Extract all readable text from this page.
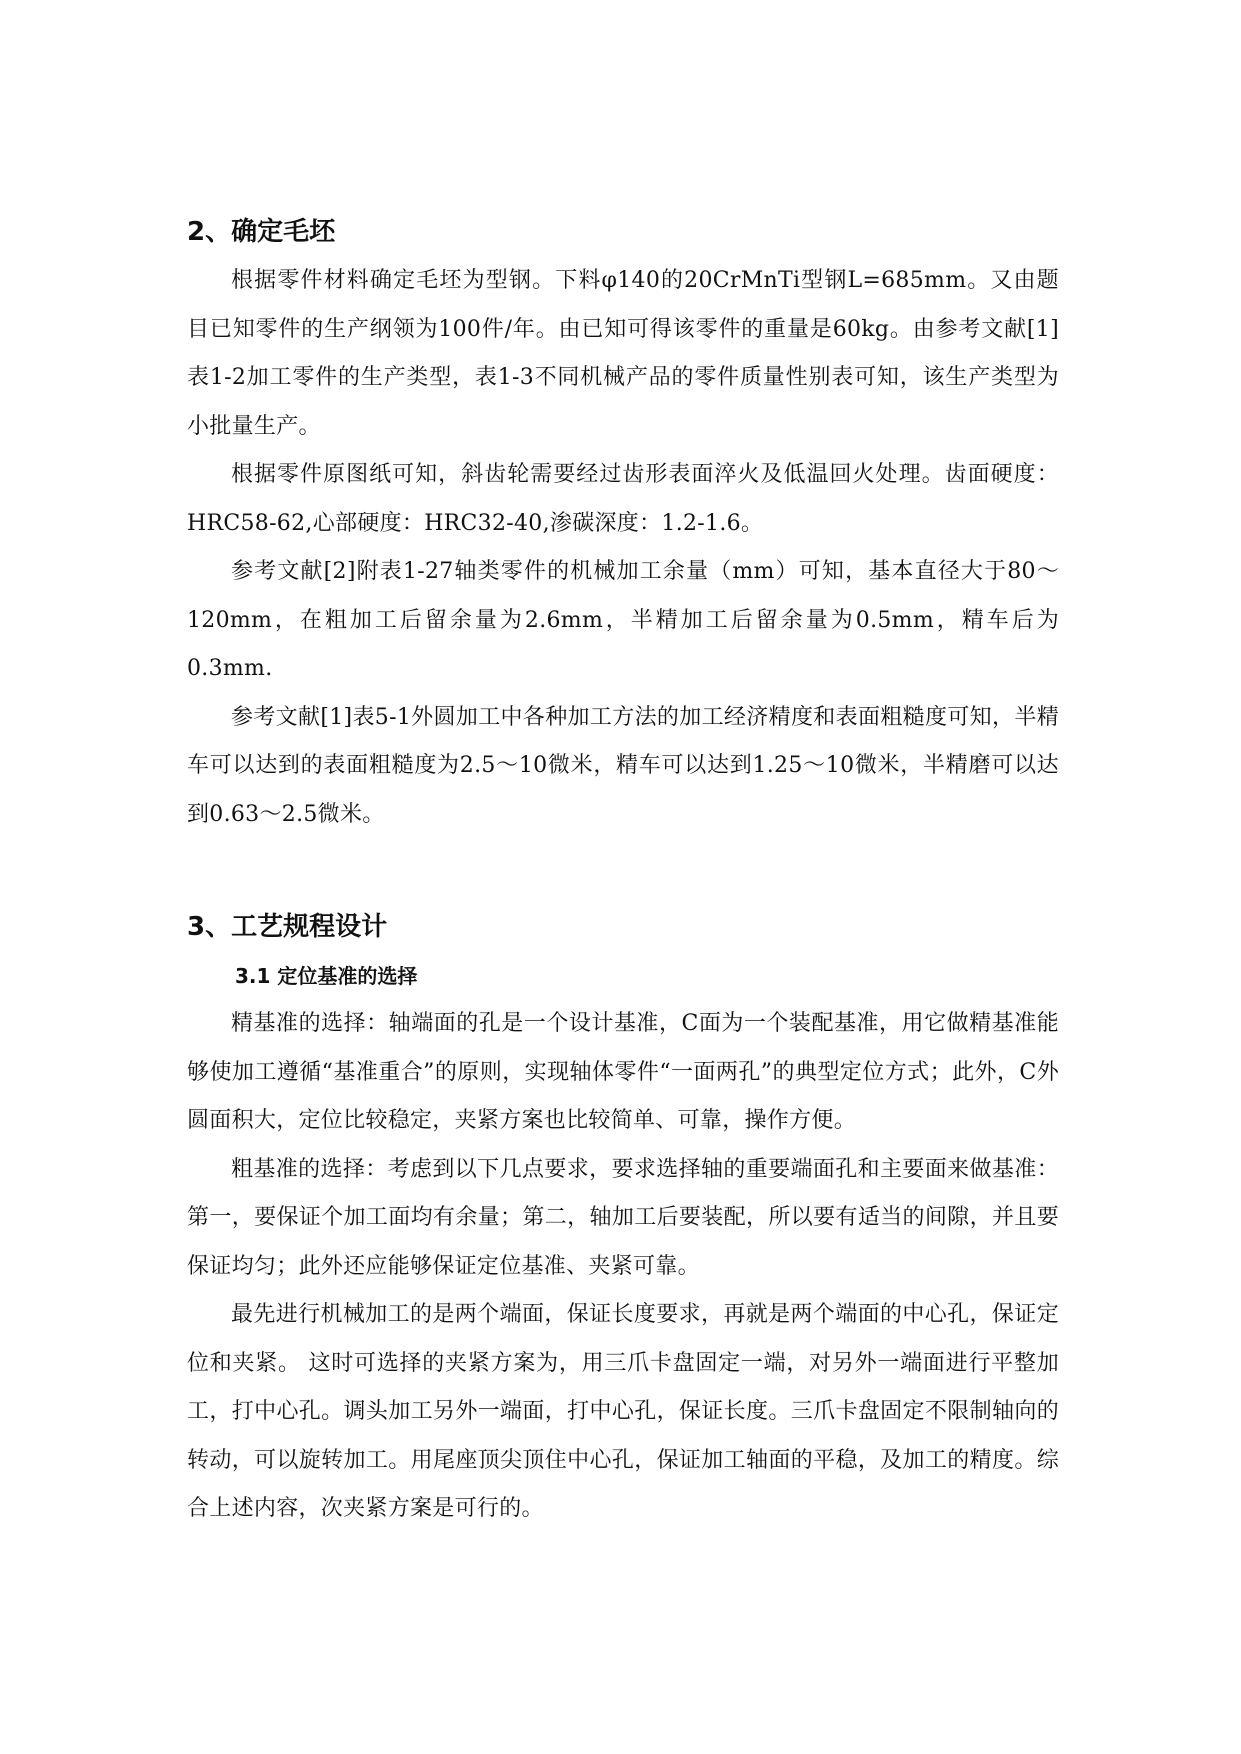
2、确定毛坯

根据零件材料确定毛坯为型钢。下料φ140的20CrMnTi型钢L=685mm。又由题目已知零件的生产纲领为100件/年。由已知可得该零件的重量是60kg。由参考文献[1]表1-2加工零件的生产类型，表1-3不同机械产品的零件质量性别表可知，该生产类型为小批量生产。

根据零件原图纸可知，斜齿轮需要经过齿形表面淬火及低温回火处理。齿面硬度：HRC58-62,心部硬度：HRC32-40,渗碳深度：1.2-1.6。

参考文献[2]附表1-27轴类零件的机械加工余量（mm）可知，基本直径大于80～120mm，在粗加工后留余量为2.6mm，半精加工后留余量为0.5mm，精车后为0.3mm.

参考文献[1]表5-1外圆加工中各种加工方法的加工经济精度和表面粗糙度可知，半精车可以达到的表面粗糙度为2.5～10微米，精车可以达到1.25～10微米，半精磨可以达到0.63～2.5微米。

3、工艺规程设计
3.1 定位基准的选择

精基准的选择：轴端面的孔是一个设计基准，C面为一个装配基准，用它做精基准能够使加工遵循“基准重合”的原则，实现轴体零件“一面两孔”的典型定位方式；此外，C外圆面积大，定位比较稳定，夹紧方案也比较简单、可靠，操作方便。

粗基准的选择：考虑到以下几点要求，要求选择轴的重要端面孔和主要面来做基准：第一，要保证个加工面均有余量；第二，轴加工后要装配，所以要有适当的间隙，并且要保证均匀；此外还应能够保证定位基准、夹紧可靠。

最先进行机械加工的是两个端面，保证长度要求，再就是两个端面的中心孔，保证定位和夹紧。 这时可选择的夹紧方案为，用三爪卡盘固定一端，对另外一端面进行平整加工，打中心孔。调头加工另外一端面，打中心孔，保证长度。三爪卡盘固定不限制轴向的转动，可以旋转加工。用尾座顶尖顶住中心孔，保证加工轴面的平稳，及加工的精度。综合上述内容，次夹紧方案是可行的。
